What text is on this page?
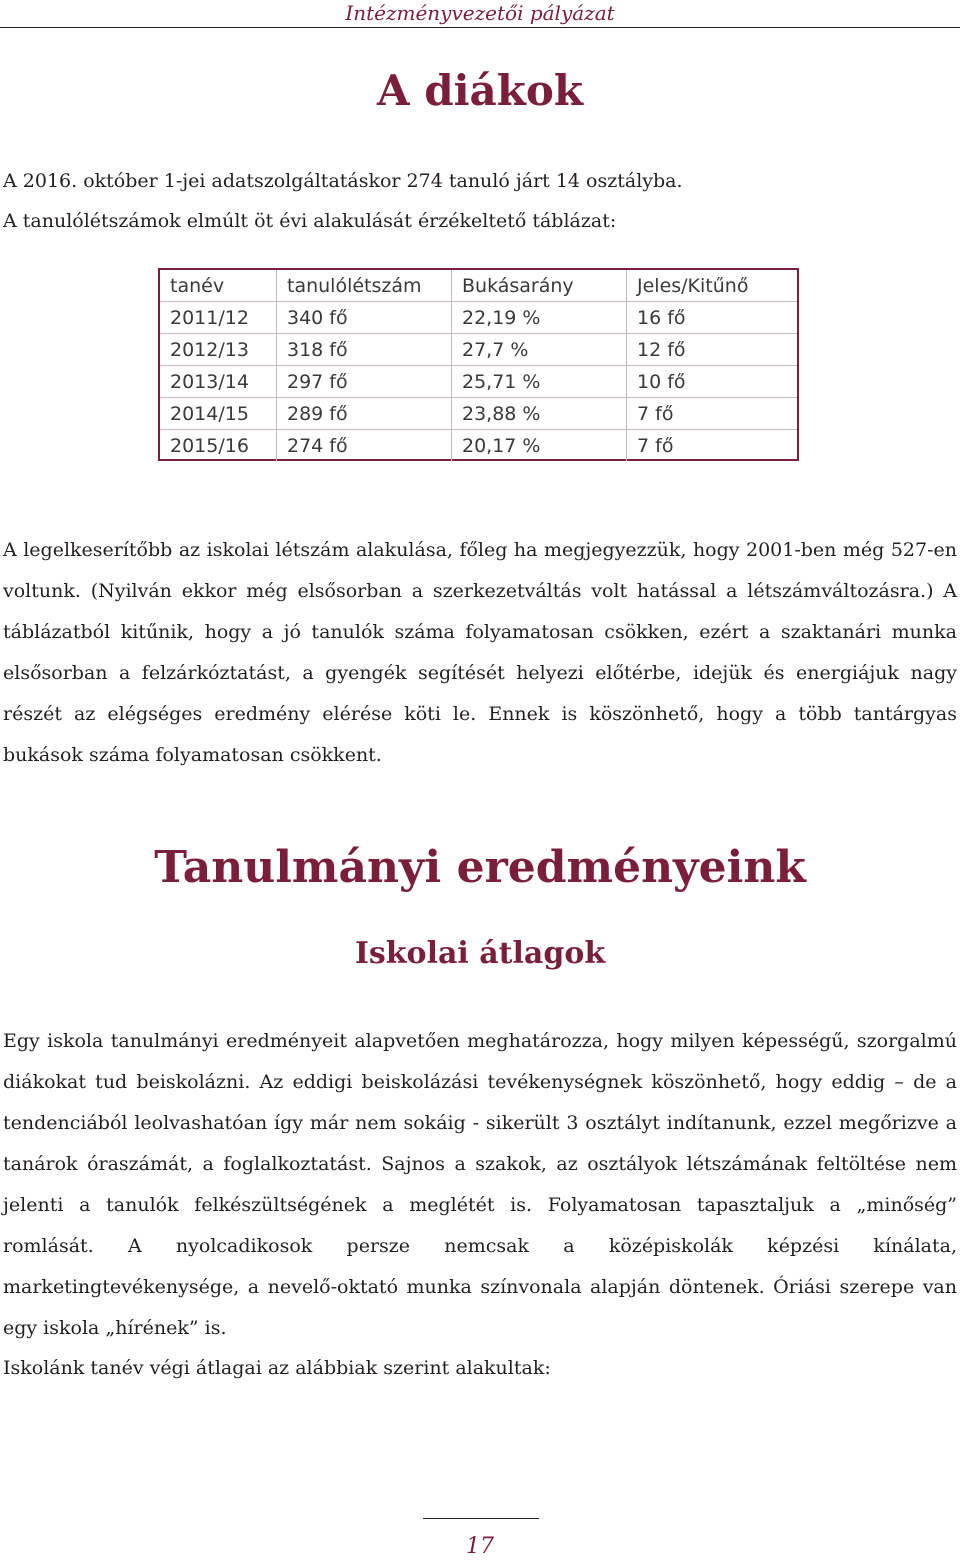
Intézményvezetői pályázat
A diákok

A 2016. október 1-jei adatszolgáltatáskor 274 tanuló járt 14 osztályba.

A tanulólétszámok elmúlt öt évi alakulását érzékeltető táblázat:

tanév	tanulólétszám	Bukásarány	Jeles/Kitűnő
2011/12	340 fő	22,19 %	16 fő
2012/13	318 fő	27,7 %	12 fő
2013/14	297 fő	25,71 %	10 fő
2014/15	289 fő	23,88 %	7 fő
2015/16	274 fő	20,17 %	7 fő

A legelkeserítőbb az iskolai létszám alakulása, főleg ha megjegyezzük, hogy 2001-ben még 527-en voltunk. (Nyilván ekkor még elsősorban a szerkezetváltás volt hatással a létszámváltozásra.) A táblázatból kitűnik, hogy a jó tanulók száma folyamatosan csökken, ezért a szaktanári munka elsősorban a felzárkóztatást, a gyengék segítését helyezi előtérbe, idejük és energiájuk nagy részét az elégséges eredmény elérése köti le. Ennek is köszönhető, hogy a több tantárgyas bukások száma folyamatosan csökkent.

Tanulmányi eredményeink
Iskolai átlagok

Egy iskola tanulmányi eredményeit alapvetően meghatározza, hogy milyen képességű, szorgalmú diákokat tud beiskolázni. Az eddigi beiskolázási tevékenységnek köszönhető, hogy eddig – de a tendenciából leolvashatóan így már nem sokáig - sikerült 3 osztályt indítanunk, ezzel megőrizve a tanárok óraszámát, a foglalkoztatást. Sajnos a szakok, az osztályok létszámának feltöltése nem jelenti a tanulók felkészültségének a meglétét is. Folyamatosan tapasztaljuk a „minőség” romlását. A nyolcadikosok persze nemcsak a középiskolák képzési kínálata, marketingtevékenysége, a nevelő-oktató munka színvonala alapján döntenek. Óriási szerepe van egy iskola „hírének” is.

Iskolánk tanév végi átlagai az alábbiak szerint alakultak:

17
